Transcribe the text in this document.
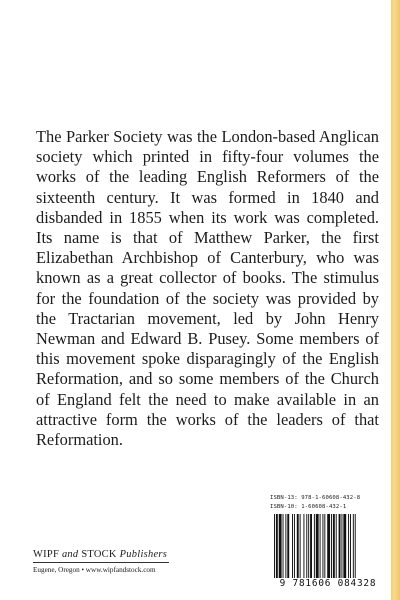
The Parker Society was the London-based Anglican society which printed in fifty-four volumes the works of the leading English Reformers of the sixteenth century. It was formed in 1840 and disbanded in 1855 when its work was completed. Its name is that of Matthew Parker, the first Elizabethan Archbishop of Canterbury, who was known as a great collector of books. The stimulus for the foundation of the society was provided by the Tractarian movement, led by John Henry Newman and Edward B. Pusey. Some members of this movement spoke disparagingly of the English Reformation, and so some members of the Church of England felt the need to make available in an attractive form the works of the leaders of that Reformation.

ISBN-13: 978-1-60608-432-8
ISBN-10: 1-60608-432-1
9 781606 084328
WIPF and STOCK Publishers
Eugene, Oregon • www.wipfandstock.com
